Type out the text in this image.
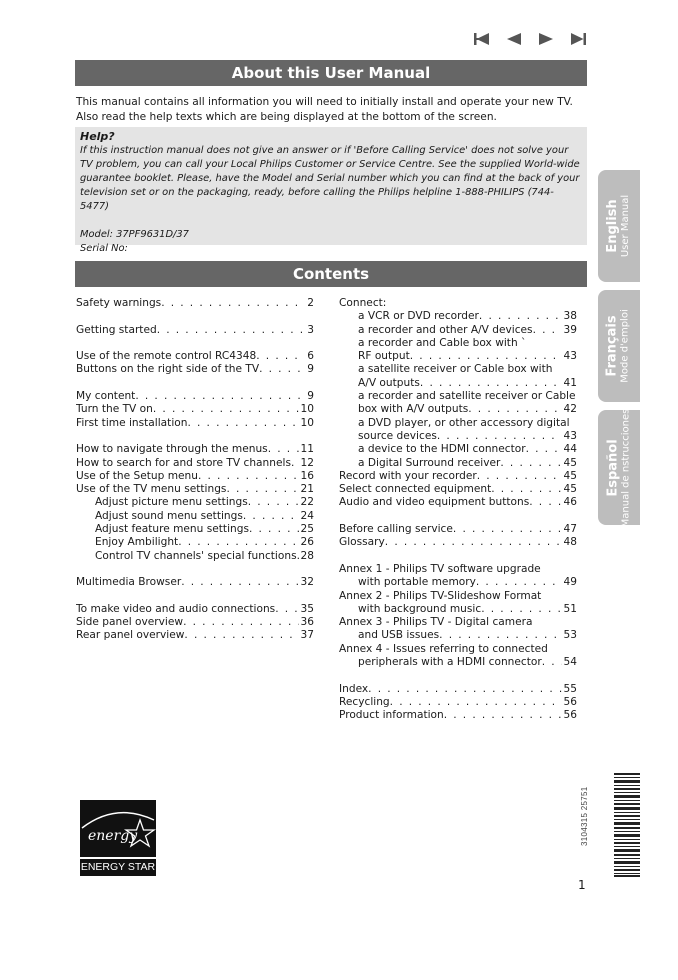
About this User Manual
This manual contains all information you will need to initially install and operate your new TV.
Also read the help texts which are being displayed at the bottom of the screen.
Help?

If this instruction manual does not give an answer or if 'Before Calling Service' does not solve your TV problem, you can call your Local Philips Customer or Service Centre. See the supplied World-wide guarantee booklet. Please, have the Model and Serial number which you can find at the back of your television set or on the packaging, ready, before calling the Philips helpline 1-888-PHILIPS (744-5477)

Model: 37PF9631D/37

Serial No:

Contents
Safety warnings . . .	2
Getting started . . .	3
Use of the remote control RC4348 . . .	6
Buttons on the right side of the TV . . .	9
My content . . .	9
Turn the TV on . . .	10
First time installation . . .	10
How to navigate through the menus . . .	11
How to search for and store TV channels . . . 12
Use of the Setup menu . . .	16
Use of the TV menu settings . . .	21
Adjust picture menu settings . . .	22
Adjust sound menu settings . . .	24
Adjust feature menu settings . . .	25
Enjoy Ambilight . . .	26
Control TV channels' special functions . . . 28
Multimedia Browser . . .	32
To make video and audio connections . . . 35
Side panel overview . . .	36
Rear panel overview . . .	37
Connect:
a VCR or DVD recorder . . .	38
a recorder and other A/V devices . . .	39
a recorder and Cable box with `
RF output . . .	43
a satellite receiver or Cable box with
A/V outputs . . .	41
a recorder and satellite receiver or Cable
box with A/V outputs . . .	42
a DVD player, or other accessory digital
source devices . . .	43
a device to the HDMI connector . . .	44
a Digital Surround receiver . . .	45
Record with your recorder . . .	45
Select connected equipment . . .	45
Audio and video equipment buttons . . .	46
Before calling service . . .	47
Glossary . . .	48
Annex 1 - Philips TV software upgrade
with portable memory . . .	49
Annex 2 - Philips TV-Slideshow Format
with background music . . .	51
Annex 3 - Philips TV - Digital camera
and USB issues . . .	53
Annex 4 - Issues referring to connected
peripherals with a HDMI connector . . . 54
Index . . .	55
Recycling . . .	56
Product information . . .	56
English User Manual
Français Mode d'emploi
Español Manual de nstrucciones
energy
ENERGY STAR
3104315 25751
1
